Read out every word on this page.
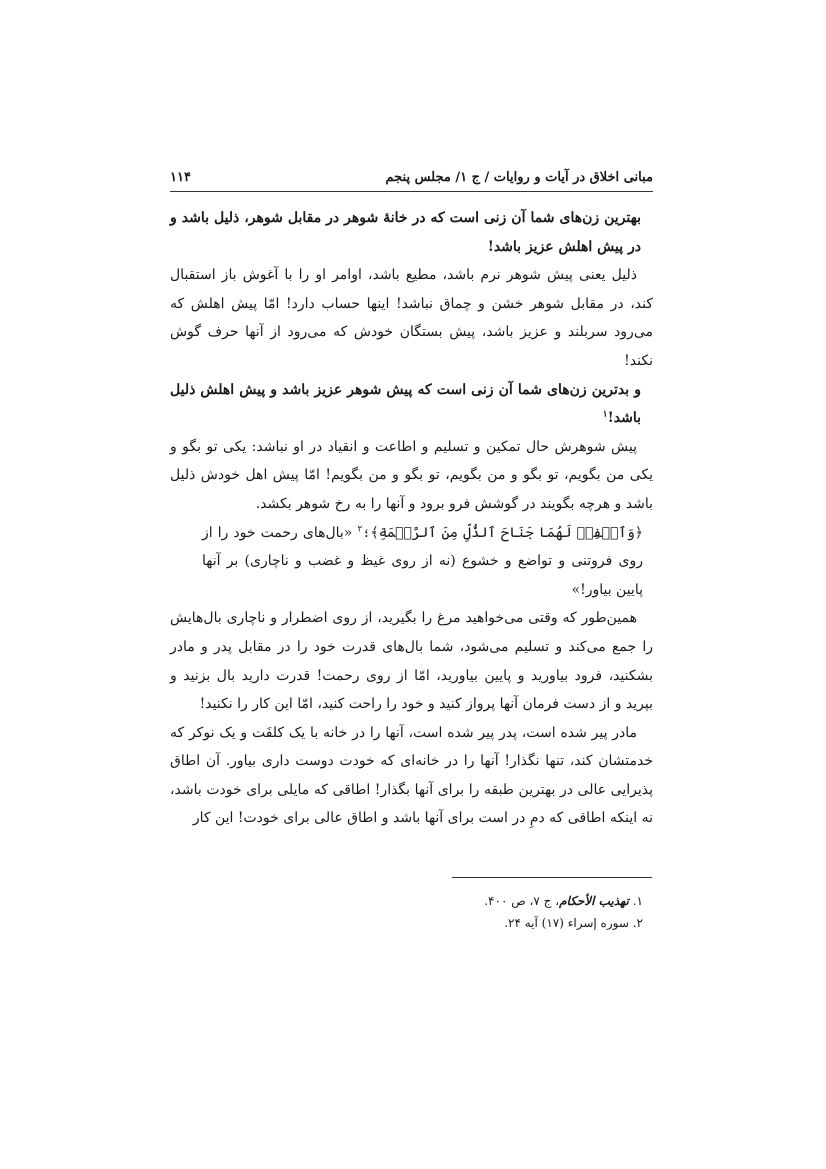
مبانی اخلاق در آیات و روایات / ج ۱/ مجلس پنجم
۱۱۴

بهترین زن‌های شما آن زنی است که در خانهٔ شوهر در مقابل شوهر، ذلیل باشد و در پیش اهلش عزیز باشد!

ذلیل یعنی پیش شوهر نرم باشد، مطیع باشد، اوامر او را با آغوش باز استقبال کند، در مقابل شوهر خشن و چماق نباشد! اینها حساب دارد! امّا پیش اهلش که می‌رود سربلند و عزیز باشد، پیش بستگان خودش که می‌رود از آنها حرف گوش نکند!

و بدترین زن‌های شما آن زنی است که پیش شوهر عزیز باشد و پیش اهلش ذلیل باشد!$^۱$

پیش شوهرش حال تمکین و تسلیم و اطاعت و انقیاد در او نباشد: یکی تو بگو و یکی من بگویم، تو بگو و من بگویم، تو بگو و من بگویم! امّا پیش اهل خودش ذلیل باشد و هرچه بگویند در گوشش فرو برود و آنها را به رخ شوهر بکشد.

﴿وَٱخۡفِضۡ لَهُمَا جَنَاحَ ٱلذُّلِّ مِنَ ٱلرَّحۡمَةِ﴾؛$^۲$ «بال‌های رحمت خود را از روی فروتنی و تواضع و خشوع (نه از روی غیظ و غضب و ناچاری) بر آنها پایین بیاور!»

همین‌طور که وقتی می‌خواهید مرغ را بگیرید، از روی اضطرار و ناچاری بال‌هایش را جمع می‌کند و تسلیم می‌شود، شما بال‌های قدرت خود را در مقابل پدر و مادر بشکنید، فرود بیاورید و پایین بیاورید، امّا از روی رحمت! قدرت دارید بال بزنید و بپرید و از دست فرمان آنها پرواز کنید و خود را راحت کنید، امّا این کار را نکنید!

مادر پیر شده است، پدر پیر شده است، آنها را در خانه با یک کلفَت و یک نوکر که خدمتشان کند، تنها نگذار! آنها را در خانه‌ای که خودت دوست داری بیاور. آن اطاق پذیرایی عالی در بهترین طبقه را برای آنها بگذار! اطاقی که مایلی برای خودت باشد، نه اینکه اطاقی که دمِ در است برای آنها باشد و اطاق عالی برای خودت! این کار

۱. تهذیب الأحکام، ج ۷، ص ۴۰۰.
۲. سوره إسراء (۱۷) آیه ۲۴.
